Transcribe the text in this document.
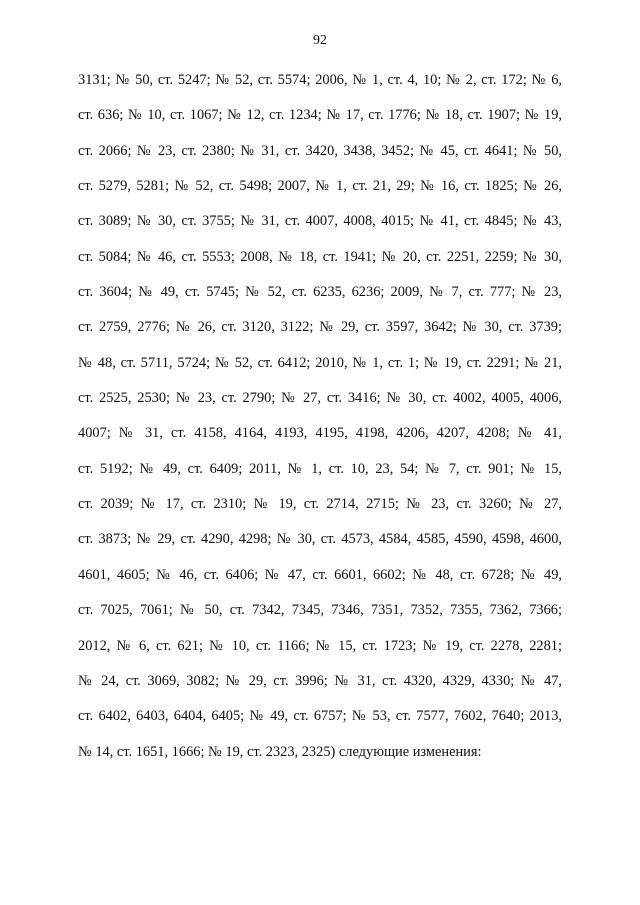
92
3131; № 50, ст. 5247; № 52, ст. 5574; 2006, № 1, ст. 4, 10; № 2, ст. 172; № 6,
ст. 636; № 10, ст. 1067; № 12, ст. 1234; № 17, ст. 1776; № 18, ст. 1907; № 19,
ст. 2066; № 23, ст. 2380; № 31, ст. 3420, 3438, 3452; № 45, ст. 4641; № 50,
ст. 5279, 5281; № 52, ст. 5498; 2007, № 1, ст. 21, 29; № 16, ст. 1825; № 26,
ст. 3089; № 30, ст. 3755; № 31, ст. 4007, 4008, 4015; № 41, ст. 4845; № 43,
ст. 5084; № 46, ст. 5553; 2008, № 18, ст. 1941; № 20, ст. 2251, 2259; № 30,
ст. 3604; № 49, ст. 5745; № 52, ст. 6235, 6236; 2009, № 7, ст. 777; № 23,
ст. 2759, 2776; № 26, ст. 3120, 3122; № 29, ст. 3597, 3642; № 30, ст. 3739;
№ 48, ст. 5711, 5724; № 52, ст. 6412; 2010, № 1, ст. 1; № 19, ст. 2291; № 21,
ст. 2525, 2530; № 23, ст. 2790; № 27, ст. 3416; № 30, ст. 4002, 4005, 4006,
4007; № 31, ст. 4158, 4164, 4193, 4195, 4198, 4206, 4207, 4208; № 41,
ст. 5192; № 49, ст. 6409; 2011, № 1, ст. 10, 23, 54; № 7, ст. 901; № 15,
ст. 2039; № 17, ст. 2310; № 19, ст. 2714, 2715; № 23, ст. 3260; № 27,
ст. 3873; № 29, ст. 4290, 4298; № 30, ст. 4573, 4584, 4585, 4590, 4598, 4600,
4601, 4605; № 46, ст. 6406; № 47, ст. 6601, 6602; № 48, ст. 6728; № 49,
ст. 7025, 7061; № 50, ст. 7342, 7345, 7346, 7351, 7352, 7355, 7362, 7366;
2012, № 6, ст. 621; № 10, ст. 1166; № 15, ст. 1723; № 19, ст. 2278, 2281;
№ 24, ст. 3069, 3082; № 29, ст. 3996; № 31, ст. 4320, 4329, 4330; № 47,
ст. 6402, 6403, 6404, 6405; № 49, ст. 6757; № 53, ст. 7577, 7602, 7640; 2013,
№ 14, ст. 1651, 1666; № 19, ст. 2323, 2325) следующие изменения:
